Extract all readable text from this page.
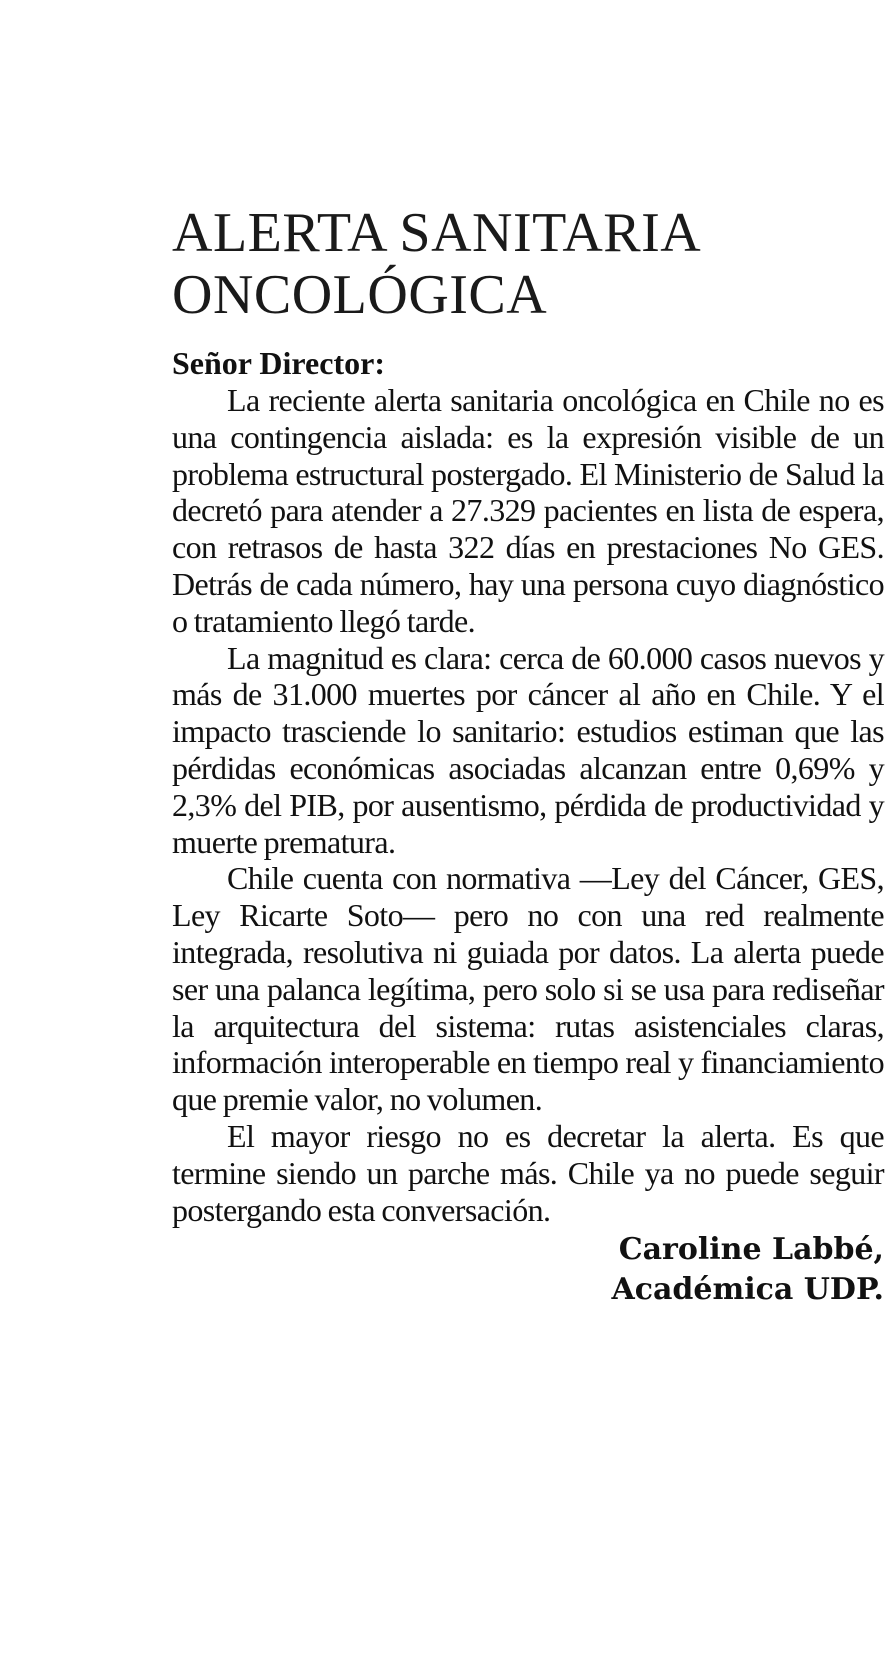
ALERTA SANITARIA
ONCOLÓGICA

Señor Director:

La reciente alerta sanitaria oncológica en Chile no es una contingencia aislada: es la expresión visible de un problema estructural postergado. El Ministerio de Salud la decretó para atender a 27.329 pacientes en lista de espera, con retrasos de hasta 322 días en prestaciones No GES. Detrás de cada número, hay una persona cuyo diagnóstico o tratamiento llegó tarde.

La magnitud es clara: cerca de 60.000 casos nuevos y más de 31.000 muertes por cáncer al año en Chile. Y el impacto trasciende lo sanitario: estudios estiman que las pérdidas económicas asociadas alcanzan entre 0,69% y 2,3% del PIB, por ausentismo, pérdida de productividad y muerte prematura.

Chile cuenta con normativa —Ley del Cáncer, GES, Ley Ricarte Soto— pero no con una red realmente integrada, resolutiva ni guiada por datos. La alerta puede ser una palanca legítima, pero solo si se usa para rediseñar la arquitectura del sistema: rutas asistenciales claras, información interoperable en tiempo real y financiamiento que premie valor, no volumen.

El mayor riesgo no es decretar la alerta. Es que termine siendo un parche más. Chile ya no puede seguir postergando esta conversación.

Caroline Labbé,
Académica UDP.
